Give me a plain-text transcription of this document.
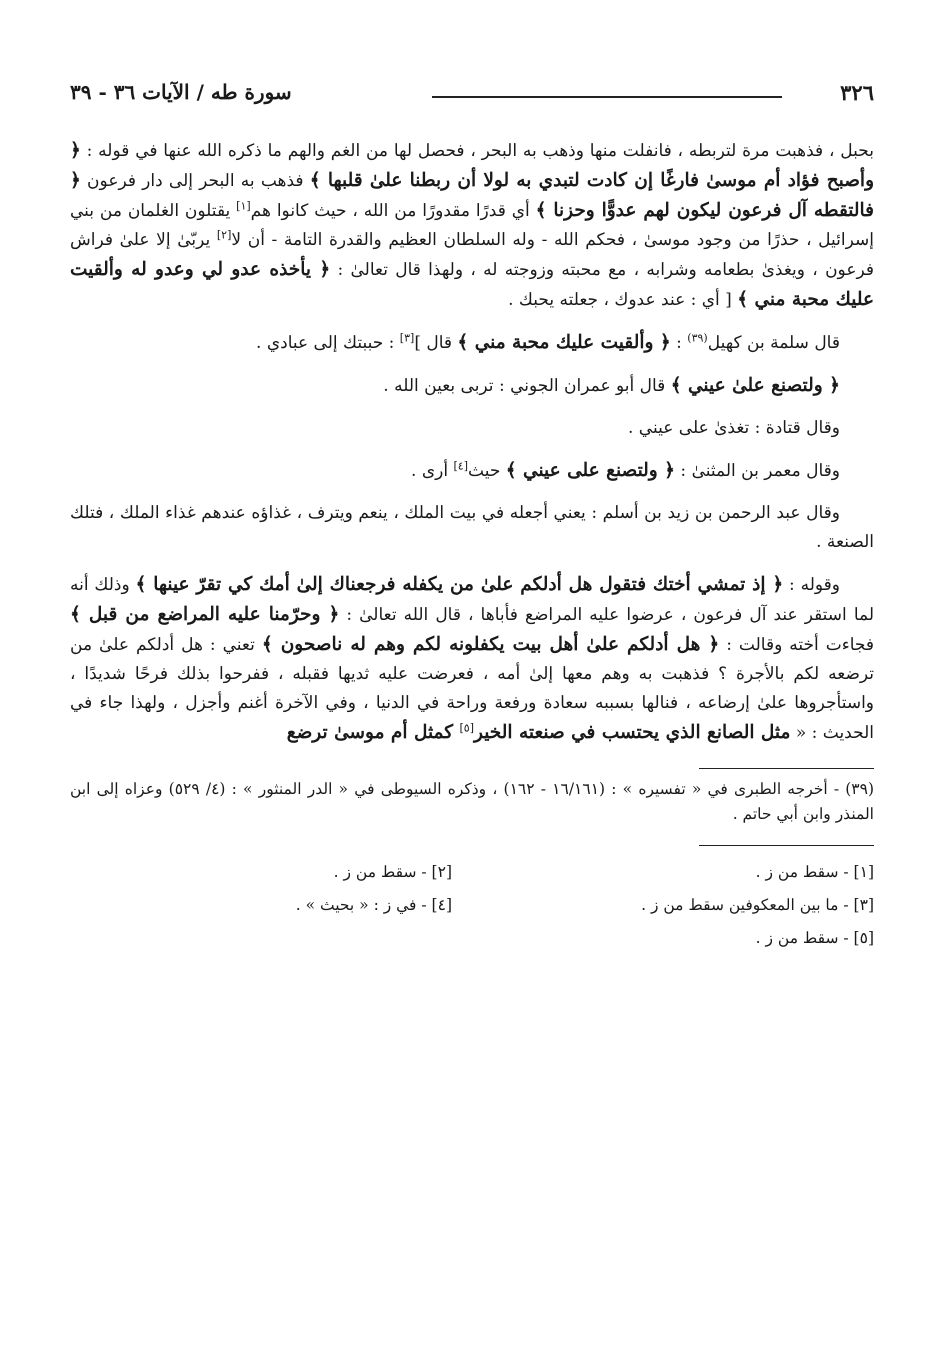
٣٢٦
سورة طه / الآيات ٣٦ - ٣٩

بحبل ، فذهبت مرة لتربطه ، فانفلت منها وذهب به البحر ، فحصل لها من الغم والهم ما ذكره الله عنها في قوله : ﴿ وأصبح فؤاد أم موسىٰ فارغًا إن كادت لتبدي به لولا أن ربطنا علىٰ قلبها ﴾ فذهب به البحر إلى دار فرعون ﴿ فالتقطه آل فرعون ليكون لهم عدوًّا وحزنا ﴾ أي قدرًا مقدورًا من الله ، حيث كانوا هم[١] يقتلون الغلمان من بني إسرائيل ، حذرًا من وجود موسىٰ ، فحكم الله - وله السلطان العظيم والقدرة التامة - أن لا[٢] يربّىٰ إلا علىٰ فراش فرعون ، ويغذىٰ بطعامه وشرابه ، مع محبته وزوجته له ، ولهذا قال تعالىٰ : ﴿ يأخذه عدو لي وعدو له وألقيت عليك محبة مني ﴾ [ أي : عند عدوك ، جعلته يحبك .

قال سلمة بن كهيل$^{(٣٩)}$ : ﴿ وألقيت عليك محبة مني ﴾ قال ][٣] : حببتك إلى عبادي .

﴿ ولتصنع علىٰ عيني ﴾ قال أبو عمران الجوني : تربى بعين الله .

وقال قتادة : تغذىٰ على عيني .

وقال معمر بن المثنىٰ : ﴿ ولتصنع على عيني ﴾ حيث[٤] أرى .

وقال عبد الرحمن بن زيد بن أسلم : يعني أجعله في بيت الملك ، ينعم ويترف ، غذاؤه عندهم غذاء الملك ، فتلك الصنعة .

وقوله : ﴿ إذ تمشي أختك فتقول هل أدلكم علىٰ من يكفله فرجعناك إلىٰ أمك كي تقرّ عينها ﴾ وذلك أنه لما استقر عند آل فرعون ، عرضوا عليه المراضع فأباها ، قال الله تعالىٰ : ﴿ وحرّمنا عليه المراضع من قبل ﴾ فجاءت أخته وقالت : ﴿ هل أدلكم علىٰ أهل بيت يكفلونه لكم وهم له ناصحون ﴾ تعني : هل أدلكم علىٰ من ترضعه لكم بالأجرة ؟ فذهبت به وهم معها إلىٰ أمه ، فعرضت عليه ثديها فقبله ، ففرحوا بذلك فرحًا شديدًا ، واستأجروها علىٰ إرضاعه ، فنالها بسببه سعادة ورفعة وراحة في الدنيا ، وفي الآخرة أغنم وأجزل ، ولهذا جاء في الحديث : « مثل الصانع الذي يحتسب في صنعته الخير[٥] كمثل أم موسىٰ ترضع

(٣٩) - أخرجه الطبرى في « تفسيره » : (١٦/١٦١ - ١٦٢) ، وذكره السيوطى في « الدر المنثور » : (٤/ ٥٢٩) وعزاه إلى ابن المنذر وابن أبي حاتم .
[١] - سقط من ز .
[٢] - سقط من ز .
[٣] - ما بين المعكوفين سقط من ز .
[٤] - في ز : « بحيث » .
[٥] - سقط من ز .
